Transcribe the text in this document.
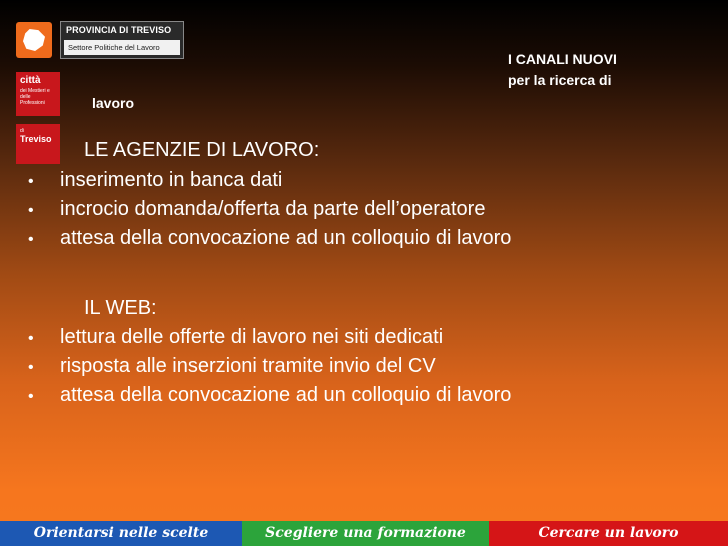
PROVINCIA DI TREVISO
Settore Politiche del Lavoro
città
dei Mestieri e delle Professioni
di
Treviso
I CANALI NUOVI
per la ricerca di
lavoro
LE AGENZIE DI LAVORO:
• inserimento in banca dati
• incrocio domanda/offerta da parte dell’operatore
• attesa della convocazione ad un colloquio di lavoro
IL WEB:
• lettura delle offerte di lavoro nei siti dedicati
• risposta alle inserzioni tramite invio del CV
• attesa della convocazione ad un colloquio di lavoro
Orientarsi nelle scelte	Scegliere una formazione	Cercare un lavoro
